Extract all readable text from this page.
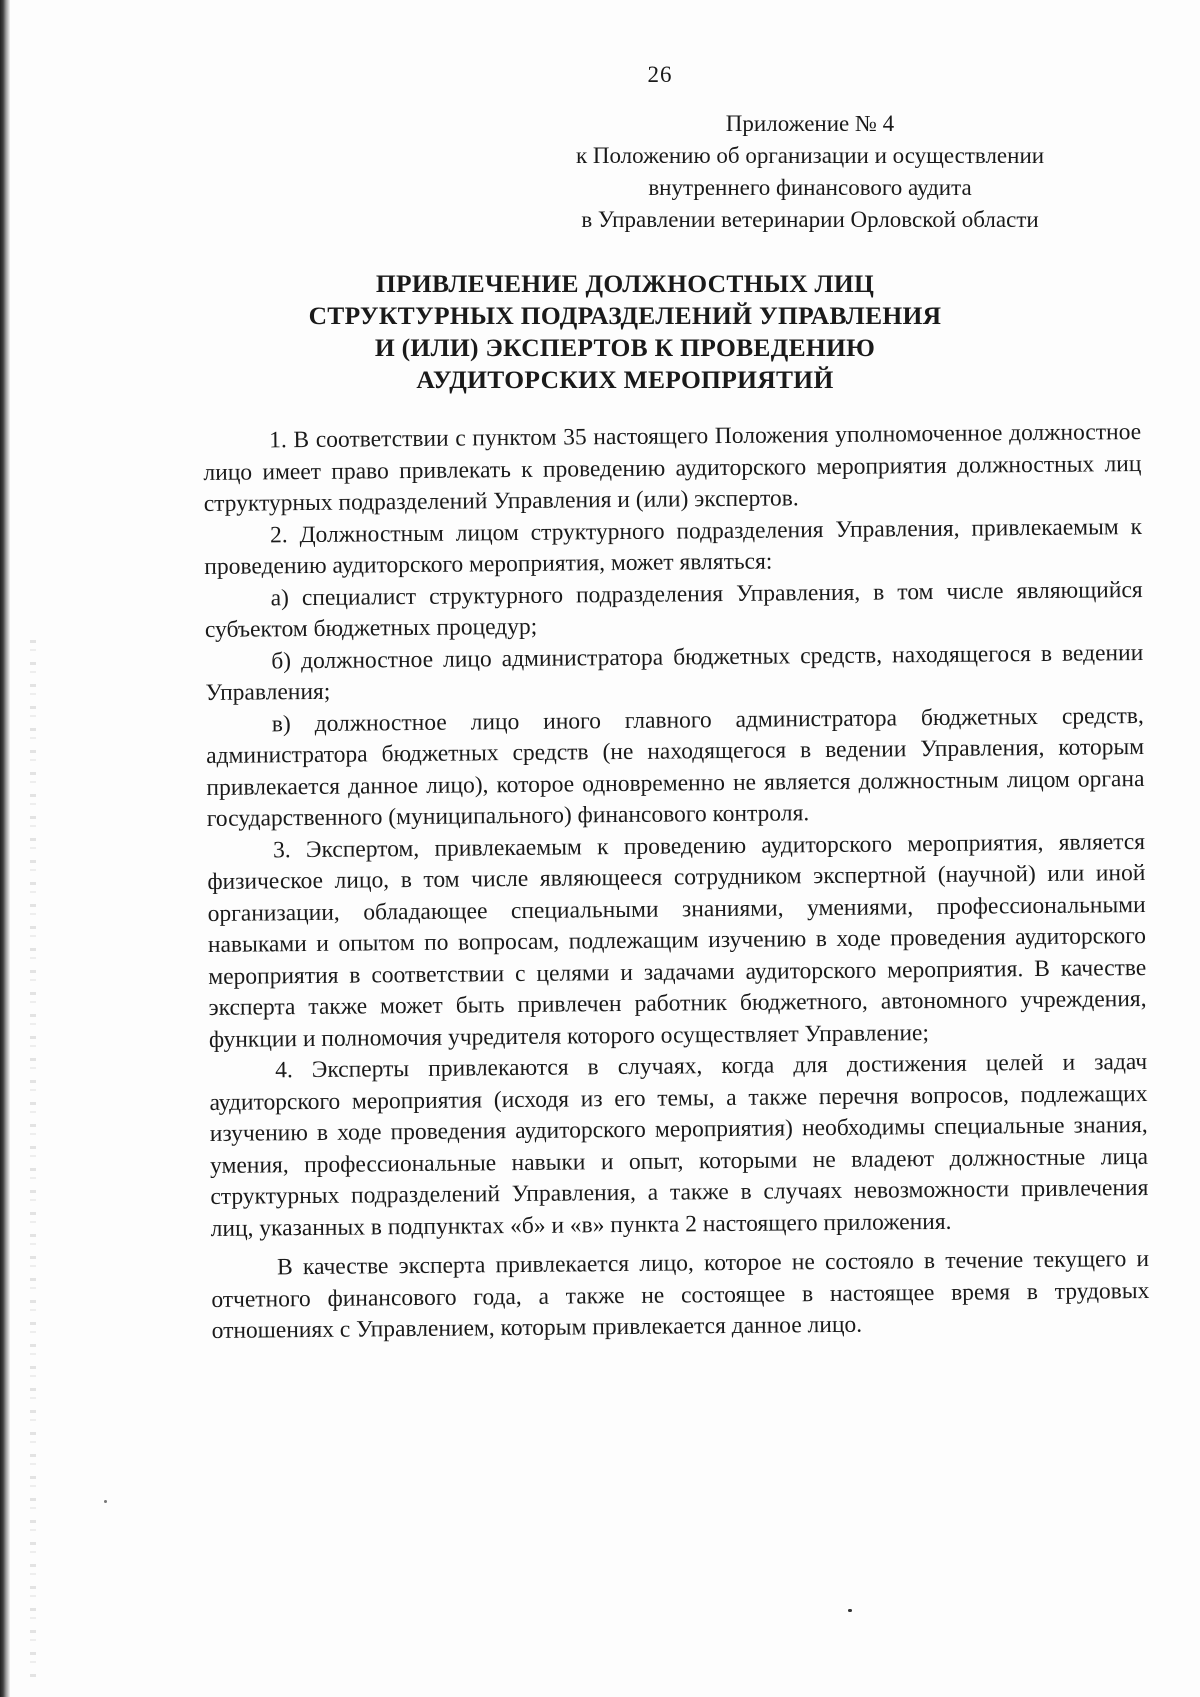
26
Приложение № 4
к Положению об организации и осуществлении
внутреннего финансового аудита
в Управлении ветеринарии Орловской области
ПРИВЛЕЧЕНИЕ ДОЛЖНОСТНЫХ ЛИЦ
СТРУКТУРНЫХ ПОДРАЗДЕЛЕНИЙ УПРАВЛЕНИЯ
И (ИЛИ) ЭКСПЕРТОВ К ПРОВЕДЕНИЮ
АУДИТОРСКИХ МЕРОПРИЯТИЙ

1. В соответствии с пунктом 35 настоящего Положения уполномоченное должностное лицо имеет право привлекать к проведению аудиторского мероприятия должностных лиц структурных подразделений Управления и (или) экспертов.

2. Должностным лицом структурного подразделения Управления, привлекаемым к проведению аудиторского мероприятия, может являться:

а) специалист структурного подразделения Управления, в том числе являющийся субъектом бюджетных процедур;

б) должностное лицо администратора бюджетных средств, находящегося в ведении Управления;

в) должностное лицо иного главного администратора бюджетных средств, администратора бюджетных средств (не находящегося в ведении Управления, которым привлекается данное лицо), которое одновременно не является должностным лицом органа государственного (муниципального) финансового контроля.

3. Экспертом, привлекаемым к проведению аудиторского мероприятия, является физическое лицо, в том числе являющееся сотрудником экспертной (научной) или иной организации, обладающее специальными знаниями, умениями, профессиональными навыками и опытом по вопросам, подлежащим изучению в ходе проведения аудиторского мероприятия в соответствии с целями и задачами аудиторского мероприятия. В качестве эксперта также может быть привлечен работник бюджетного, автономного учреждения, функции и полномочия учредителя которого осуществляет Управление;

4. Эксперты привлекаются в случаях, когда для достижения целей и задач аудиторского мероприятия (исходя из его темы, а также перечня вопросов, подлежащих изучению в ходе проведения аудиторского мероприятия) необходимы специальные знания, умения, профессиональные навыки и опыт, которыми не владеют должностные лица структурных подразделений Управления, а также в случаях невозможности привлечения лиц, указанных в подпунктах «б» и «в» пункта 2 настоящего приложения.

В качестве эксперта привлекается лицо, которое не состояло в течение текущего и отчетного финансового года, а также не состоящее в настоящее время в трудовых отношениях с Управлением, которым привлекается данное лицо.
